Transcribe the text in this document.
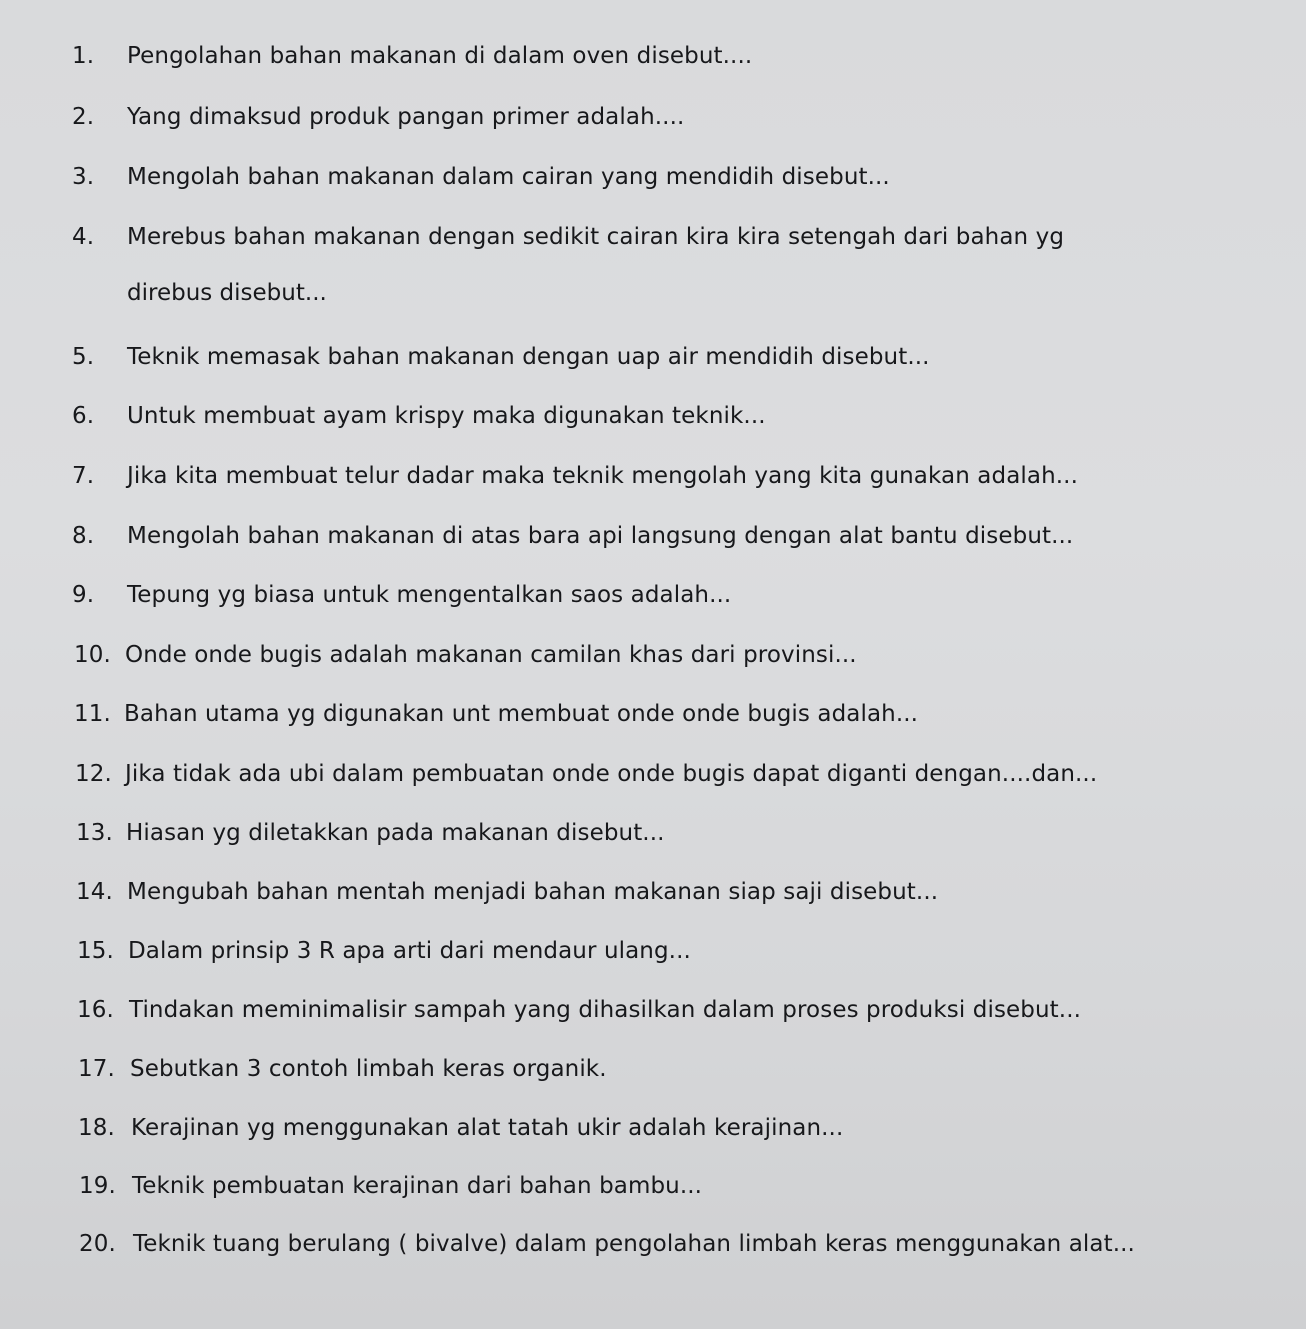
1. Pengolahan bahan makanan di dalam oven disebut....
2. Yang dimaksud produk pangan primer adalah....
3. Mengolah bahan makanan dalam cairan yang mendidih disebut...
4. Merebus bahan makanan dengan sedikit cairan kira kira setengah dari bahan yg
direbus disebut...
5. Teknik memasak bahan makanan dengan uap air mendidih disebut...
6. Untuk membuat ayam krispy maka digunakan teknik...
7. Jika kita membuat telur dadar maka teknik mengolah yang kita gunakan adalah...
8. Mengolah bahan makanan di atas bara api langsung dengan alat bantu disebut...
9. Tepung yg biasa untuk mengentalkan saos adalah...
10. Onde onde bugis adalah makanan camilan khas dari provinsi...
11. Bahan utama yg digunakan unt membuat onde onde bugis adalah...
12. Jika tidak ada ubi dalam pembuatan onde onde bugis dapat diganti dengan....dan...
13. Hiasan yg diletakkan pada makanan disebut...
14. Mengubah bahan mentah menjadi bahan makanan siap saji disebut...
15. Dalam prinsip 3 R apa arti dari mendaur ulang...
16. Tindakan meminimalisir sampah yang dihasilkan dalam proses produksi disebut...
17. Sebutkan 3 contoh limbah keras organik.
18. Kerajinan yg menggunakan alat tatah ukir adalah kerajinan...
19. Teknik pembuatan kerajinan dari bahan bambu...
20. Teknik tuang berulang ( bivalve) dalam pengolahan limbah keras menggunakan alat...
